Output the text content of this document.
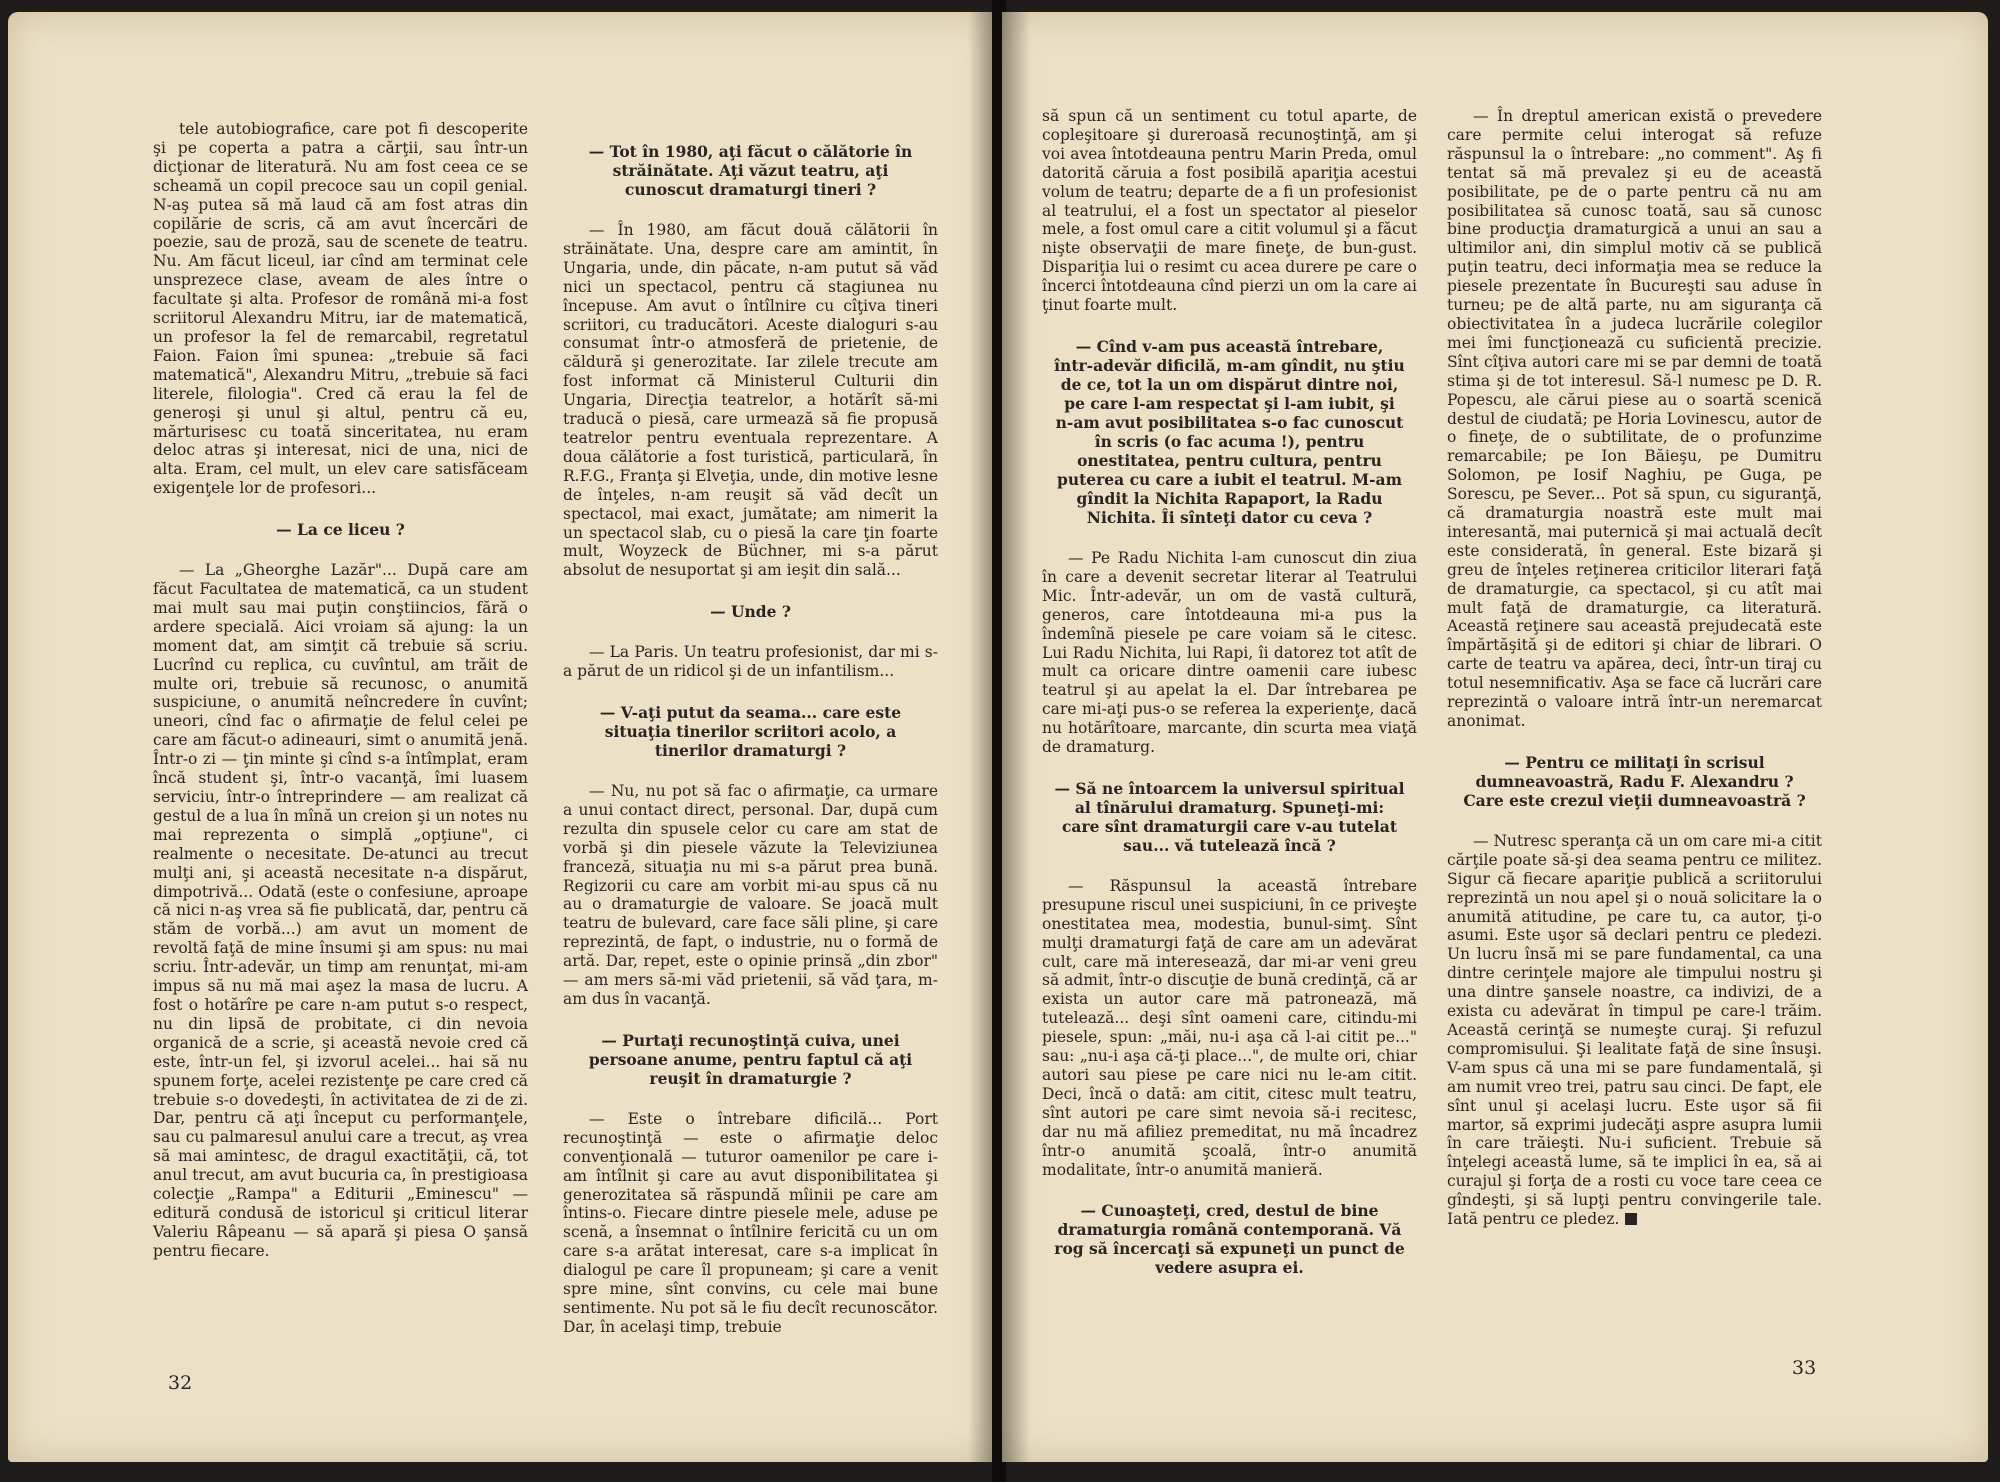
tele autobiografice, care pot fi descoperite şi pe coperta a patra a cărţii, sau într-un dicţionar de literatură. Nu am fost ceea ce se scheamă un copil precoce sau un copil genial. N-aş putea să mă laud că am fost atras din copilărie de scris, că am avut încercări de poezie, sau de proză, sau de scenete de teatru. Nu. Am făcut liceul, iar cînd am terminat cele unsprezece clase, aveam de ales între o facultate şi alta. Profesor de română mi-a fost scriitorul Alexandru Mitru, iar de matematică, un profesor la fel de remarcabil, regretatul Faion. Faion îmi spunea: „trebuie să faci matematică", Alexandru Mitru, „trebuie să faci literele, filologia". Cred că erau la fel de generoşi şi unul şi altul, pentru că eu, mărturisesc cu toată sinceritatea, nu eram deloc atras şi interesat, nici de una, nici de alta. Eram, cel mult, un elev care satisfăceam exigenţele lor de profesori...

— La ce liceu ?

— La „Gheorghe Lazăr"... După care am făcut Facultatea de matematică, ca un student mai mult sau mai puţin conştiincios, fără o ardere specială. Aici vroiam să ajung: la un moment dat, am simţit că trebuie să scriu. Lucrînd cu replica, cu cuvîntul, am trăit de multe ori, trebuie să recunosc, o anumită suspiciune, o anumită neîncredere în cuvînt; uneori, cînd fac o afirmaţie de felul celei pe care am făcut-o adineauri, simt o anumită jenă. Într-o zi — ţin minte şi cînd s-a întîmplat, eram încă student şi, într-o vacanţă, îmi luasem serviciu, într-o întreprindere — am realizat că gestul de a lua în mînă un creion şi un notes nu mai reprezenta o simplă „opţiune", ci realmente o necesitate. De-atunci au trecut mulţi ani, şi această necesitate n-a dispărut, dimpotrivă... Odată (este o confesiune, aproape că nici n-aş vrea să fie publicată, dar, pentru că stăm de vorbă...) am avut un moment de revoltă faţă de mine însumi şi am spus: nu mai scriu. Într-adevăr, un timp am renunţat, mi-am impus să nu mă mai aşez la masa de lucru. A fost o hotărîre pe care n-am putut s-o respect, nu din lipsă de probitate, ci din nevoia organică de a scrie, şi această nevoie cred că este, într-un fel, şi izvorul acelei... hai să nu spunem forţe, acelei rezistenţe pe care cred că trebuie s-o dovedeşti, în activitatea de zi de zi. Dar, pentru că aţi început cu performanţele, sau cu palmaresul anului care a trecut, aş vrea să mai amintesc, de dragul exactităţii, că, tot anul trecut, am avut bucuria ca, în prestigioasa colecţie „Rampa" a Editurii „Eminescu" — editură condusă de istoricul şi criticul literar Valeriu Râpeanu — să apară şi piesa O şansă pentru fiecare.

— Tot în 1980, aţi făcut o călătorie în străinătate. Aţi văzut teatru, aţi cunoscut dramaturgi tineri ?

— În 1980, am făcut două călătorii în străinătate. Una, despre care am amintit, în Ungaria, unde, din păcate, n-am putut să văd nici un spectacol, pentru că stagiunea nu începuse. Am avut o întîlnire cu cîţiva tineri scriitori, cu traducători. Aceste dialoguri s-au consumat într-o atmosferă de prietenie, de căldură şi generozitate. Iar zilele trecute am fost informat că Ministerul Culturii din Ungaria, Direcţia teatrelor, a hotărît să-mi traducă o piesă, care urmează să fie propusă teatrelor pentru eventuala reprezentare. A doua călătorie a fost turistică, particulară, în R.F.G., Franţa şi Elveţia, unde, din motive lesne de înţeles, n-am reuşit să văd decît un spectacol, mai exact, jumătate; am nimerit la un spectacol slab, cu o piesă la care ţin foarte mult, Woyzeck de Büchner, mi s-a părut absolut de nesuportat şi am ieşit din sală...

— Unde ?

— La Paris. Un teatru profesionist, dar mi s-a părut de un ridicol şi de un infantilism...

— V-aţi putut da seama... care este situaţia tinerilor scriitori acolo, a tinerilor dramaturgi ?

— Nu, nu pot să fac o afirmaţie, ca urmare a unui contact direct, personal. Dar, după cum rezulta din spusele celor cu care am stat de vorbă şi din piesele văzute la Televiziunea franceză, situaţia nu mi s-a părut prea bună. Regizorii cu care am vorbit mi-au spus că nu au o dramaturgie de valoare. Se joacă mult teatru de bulevard, care face săli pline, şi care reprezintă, de fapt, o industrie, nu o formă de artă. Dar, repet, este o opinie prinsă „din zbor" — am mers să-mi văd prietenii, să văd ţara, m-am dus în vacanţă.

— Purtaţi recunoştinţă cuiva, unei persoane anume, pentru faptul că aţi reuşit în dramaturgie ?

— Este o întrebare dificilă... Port recunoştinţă — este o afirmaţie deloc convenţională — tuturor oamenilor pe care i-am întîlnit şi care au avut disponibilitatea şi generozitatea să răspundă mîinii pe care am întins-o. Fiecare dintre piesele mele, aduse pe scenă, a însemnat o întîlnire fericită cu un om care s-a arătat interesat, care s-a implicat în dialogul pe care îl propuneam; şi care a venit spre mine, sînt convins, cu cele mai bune sentimente. Nu pot să le fiu decît recunoscător. Dar, în acelaşi timp, trebuie

32

să spun că un sentiment cu totul aparte, de copleşitoare şi dureroasă recunoştinţă, am şi voi avea întotdeauna pentru Marin Preda, omul datorită căruia a fost posibilă apariţia acestui volum de teatru; departe de a fi un profesionist al teatrului, el a fost un spectator al pieselor mele, a fost omul care a citit volumul şi a făcut nişte observaţii de mare fineţe, de bun-gust. Dispariţia lui o resimt cu acea durere pe care o încerci întotdeauna cînd pierzi un om la care ai ţinut foarte mult.

— Cînd v-am pus această întrebare, într-adevăr dificilă, m-am gîndit, nu ştiu de ce, tot la un om dispărut dintre noi, pe care l-am respectat şi l-am iubit, şi n-am avut posibilitatea s-o fac cunoscut în scris (o fac acuma !), pentru onestitatea, pentru cultura, pentru puterea cu care a iubit el teatrul. M-am gîndit la Nichita Rapaport, la Radu Nichita. Îi sînteţi dator cu ceva ?

— Pe Radu Nichita l-am cunoscut din ziua în care a devenit secretar literar al Teatrului Mic. Într-adevăr, un om de vastă cultură, generos, care întotdeauna mi-a pus la îndemînă piesele pe care voiam să le citesc. Lui Radu Nichita, lui Rapi, îi datorez tot atît de mult ca oricare dintre oamenii care iubesc teatrul şi au apelat la el. Dar întrebarea pe care mi-aţi pus-o se referea la experienţe, dacă nu hotărîtoare, marcante, din scurta mea viaţă de dramaturg.

— Să ne întoarcem la universul spiritual al tînărului dramaturg. Spuneţi-mi: care sînt dramaturgii care v-au tutelat sau... vă tutelează încă ?

— Răspunsul la această întrebare presupune riscul unei suspiciuni, în ce priveşte onestitatea mea, modestia, bunul-simţ. Sînt mulţi dramaturgi faţă de care am un adevărat cult, care mă interesează, dar mi-ar veni greu să admit, într-o discuţie de bună credinţă, că ar exista un autor care mă patronează, mă tutelează... deşi sînt oameni care, citindu-mi piesele, spun: „măi, nu-i aşa că l-ai citit pe..." sau: „nu-i aşa că-ţi place...", de multe ori, chiar autori sau piese pe care nici nu le-am citit. Deci, încă o dată: am citit, citesc mult teatru, sînt autori pe care simt nevoia să-i recitesc, dar nu mă afiliez premeditat, nu mă încadrez într-o anumită şcoală, într-o anumită modalitate, într-o anumită manieră.

— Cunoaşteţi, cred, destul de bine dramaturgia română contemporană. Vă rog să încercaţi să expuneţi un punct de vedere asupra ei.

— În dreptul american există o prevedere care permite celui interogat să refuze răspunsul la o întrebare: „no comment". Aş fi tentat să mă prevalez şi eu de această posibilitate, pe de o parte pentru că nu am posibilitatea să cunosc toată, sau să cunosc bine producţia dramaturgică a unui an sau a ultimilor ani, din simplul motiv că se publică puţin teatru, deci informaţia mea se reduce la piesele prezentate în Bucureşti sau aduse în turneu; pe de altă parte, nu am siguranţa că obiectivitatea în a judeca lucrările colegilor mei îmi funcţionează cu suficientă precizie. Sînt cîţiva autori care mi se par demni de toată stima şi de tot interesul. Să-l numesc pe D. R. Popescu, ale cărui piese au o soartă scenică destul de ciudată; pe Horia Lovinescu, autor de o fineţe, de o subtilitate, de o profunzime remarcabile; pe Ion Băieşu, pe Dumitru Solomon, pe Iosif Naghiu, pe Guga, pe Sorescu, pe Sever... Pot să spun, cu siguranţă, că dramaturgia noastră este mult mai interesantă, mai puternică şi mai actuală decît este considerată, în general. Este bizară şi greu de înţeles reţinerea criticilor literari faţă de dramaturgie, ca spectacol, şi cu atît mai mult faţă de dramaturgie, ca literatură. Această reţinere sau această prejudecată este împărtăşită şi de editori şi chiar de librari. O carte de teatru va apărea, deci, într-un tiraj cu totul nesemnificativ. Aşa se face că lucrări care reprezintă o valoare intră într-un neremarcat anonimat.

— Pentru ce militaţi în scrisul dumneavoastră, Radu F. Alexandru ? Care este crezul vieţii dumneavoastră ?

— Nutresc speranţa că un om care mi-a citit cărţile poate să-şi dea seama pentru ce militez. Sigur că fiecare apariţie publică a scriitorului reprezintă un nou apel şi o nouă solicitare la o anumită atitudine, pe care tu, ca autor, ţi-o asumi. Este uşor să declari pentru ce pledezi. Un lucru însă mi se pare fundamental, ca una dintre cerinţele majore ale timpului nostru şi una dintre şansele noastre, ca indivizi, de a exista cu adevărat în timpul pe care-l trăim. Această cerinţă se numeşte curaj. Şi refuzul compromisului. Şi lealitate faţă de sine însuşi. V-am spus că una mi se pare fundamentală, şi am numit vreo trei, patru sau cinci. De fapt, ele sînt unul şi acelaşi lucru. Este uşor să fii martor, să exprimi judecăţi aspre asupra lumii în care trăieşti. Nu-i suficient. Trebuie să înţelegi această lume, să te implici în ea, să ai curajul şi forţa de a rosti cu voce tare ceea ce gîndeşti, şi să lupţi pentru convingerile tale. Iată pentru ce pledez.

33
